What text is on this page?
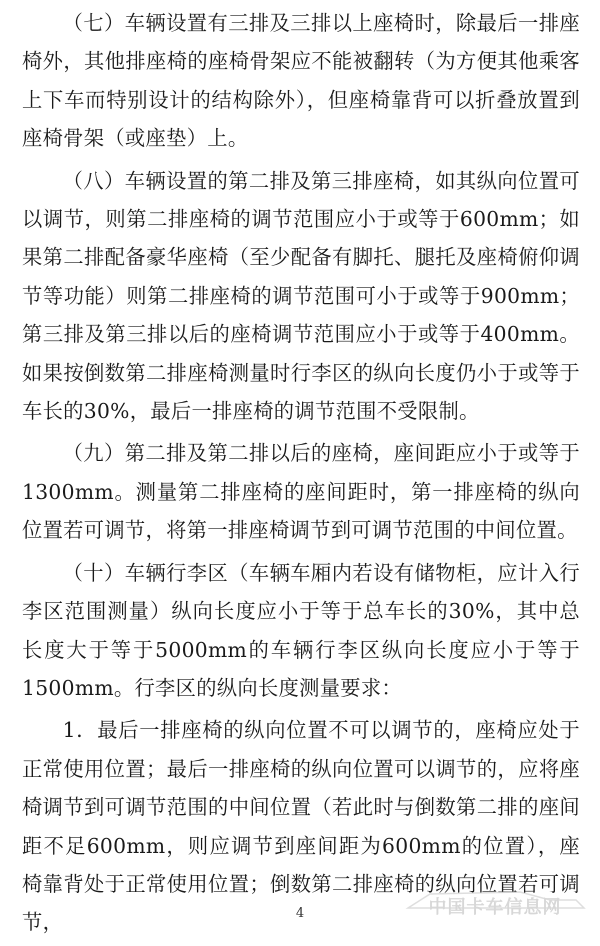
（七）车辆设置有三排及三排以上座椅时，除最后一排座椅外，其他排座椅的座椅骨架应不能被翻转（为方便其他乘客上下车而特别设计的结构除外），但座椅靠背可以折叠放置到座椅骨架（或座垫）上。

（八）车辆设置的第二排及第三排座椅，如其纵向位置可以调节，则第二排座椅的调节范围应小于或等于600mm；如果第二排配备豪华座椅（至少配备有脚托、腿托及座椅俯仰调节等功能）则第二排座椅的调节范围可小于或等于900mm；第三排及第三排以后的座椅调节范围应小于或等于400mm。如果按倒数第二排座椅测量时行李区的纵向长度仍小于或等于车长的30%，最后一排座椅的调节范围不受限制。

（九）第二排及第二排以后的座椅，座间距应小于或等于1300mm。测量第二排座椅的座间距时，第一排座椅的纵向位置若可调节，将第一排座椅调节到可调节范围的中间位置。

（十）车辆行李区（车辆车厢内若设有储物柜，应计入行李区范围测量）纵向长度应小于等于总车长的30%，其中总长度大于等于5000mm的车辆行李区纵向长度应小于等于1500mm。行李区的纵向长度测量要求：

1．最后一排座椅的纵向位置不可以调节的，座椅应处于正常使用位置；最后一排座椅的纵向位置可以调节的，应将座椅调节到可调节范围的中间位置（若此时与倒数第二排的座间距不足600mm，则应调节到座间距为600mm的位置），座椅靠背处于正常使用位置；倒数第二排座椅的纵向位置若可调节，	4	中国卡车信息网
